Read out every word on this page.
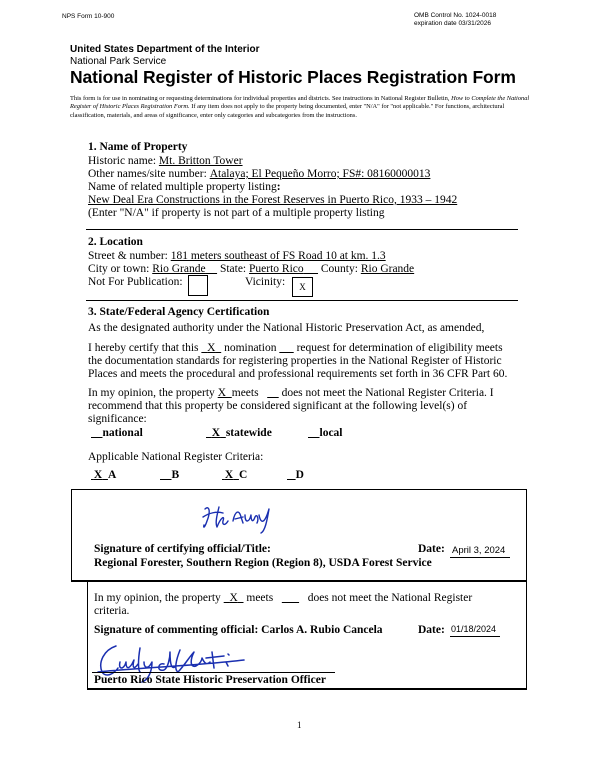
NPS Form 10-900	OMB Control No. 1024-0018
expiration date 03/31/2026
United States Department of the Interior
National Park Service
National Register of Historic Places Registration Form
This form is for use in nominating or requesting determinations for individual properties and districts. See instructions in National Register Bulletin, How to Complete the National Register of Historic Places Registration Form. If any item does not apply to the property being documented, enter "N/A" for "not applicable." For functions, architectural classification, materials, and areas of significance, enter only categories and subcategories from the instructions.
1. Name of Property
Historic name: Mt. Britton Tower
Other names/site number: Atalaya; El Pequeño Morro; FS#: 08160000013
Name of related multiple property listing:
New Deal Era Constructions in the Forest Reserves in Puerto Rico, 1933 – 1942
(Enter "N/A" if property is not part of a multiple property listing
2. Location
Street & number: 181 meters southeast of FS Road 10 at km. 1.3
City or town: Rio Grande State: Puerto Rico County: Rio Grande
Not For Publication:	Vicinity:	X
3. State/Federal Agency Certification
As the designated authority under the National Historic Preservation Act, as amended,
I hereby certify that this X nomination request for determination of eligibility meets
the documentation standards for registering properties in the National Register of Historic
Places and meets the procedural and professional requirements set forth in 36 CFR Part 60.
In my opinion, the property X meets does not meet the National Register Criteria. I
recommend that this property be considered significant at the following level(s) of
significance:
national	X statewide	local
Applicable National Register Criteria:
X A	B	X C	D
Signature of certifying official/Title:	Date: April 3, 2024
Regional Forester, Southern Region (Region 8), USDA Forest Service
In my opinion, the property X meets	does not meet the National Register
criteria.
Signature of commenting official: Carlos A. Rubio Cancela	Date: 01/18/2024
Puerto Rico State Historic Preservation Officer
1
